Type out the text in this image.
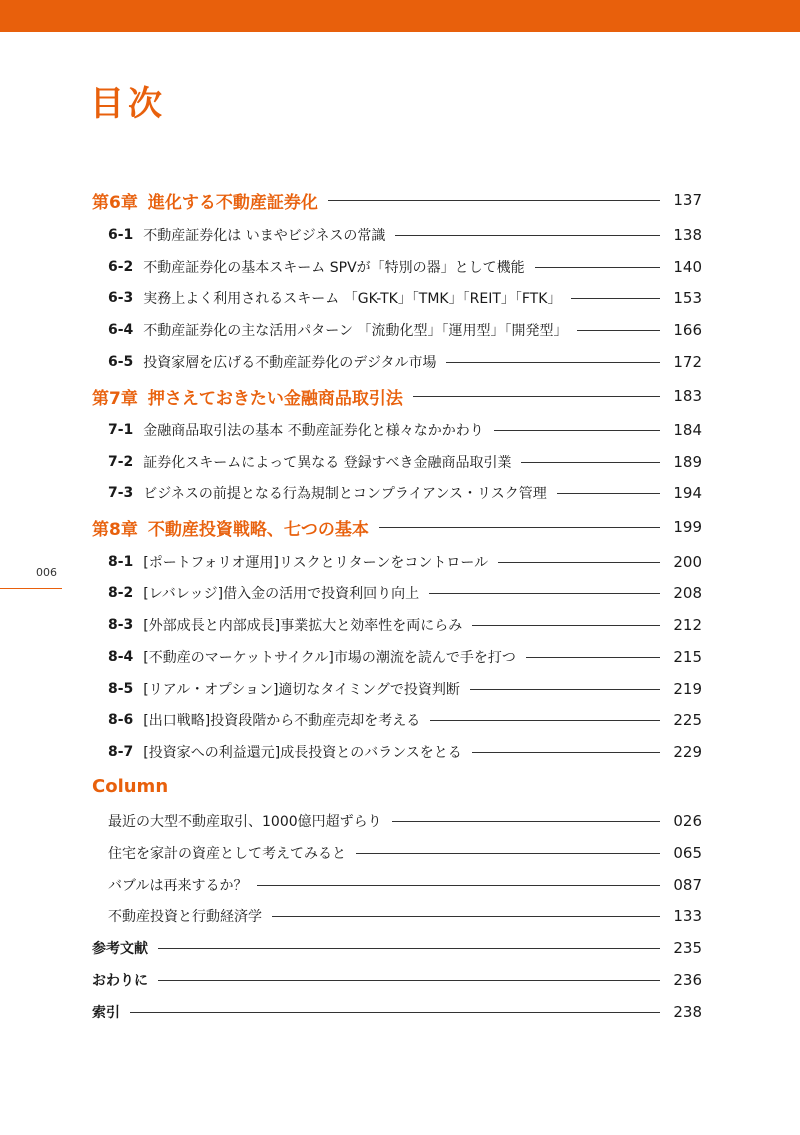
目次
006
第6章 進化する不動産証券化	137
6-1 不動産証券化は いまやビジネスの常識	138
6-2 不動産証券化の基本スキーム SPVが「特別の器」として機能	140
6-3 実務上よく利用されるスキーム 「GK-TK」「TMK」「REIT」「FTK」	153
6-4 不動産証券化の主な活用パターン 「流動化型」「運用型」「開発型」	166
6-5 投資家層を広げる不動産証券化のデジタル市場	172
第7章 押さえておきたい金融商品取引法	183
7-1 金融商品取引法の基本 不動産証券化と様々なかかわり	184
7-2 証券化スキームによって異なる 登録すべき金融商品取引業	189
7-3 ビジネスの前提となる行為規制とコンプライアンス・リスク管理	194
第8章 不動産投資戦略、七つの基本	199
8-1 [ポートフォリオ運用]リスクとリターンをコントロール	200
8-2 [レバレッジ]借入金の活用で投資利回り向上	208
8-3 [外部成長と内部成長]事業拡大と効率性を両にらみ	212
8-4 [不動産のマーケットサイクル]市場の潮流を読んで手を打つ	215
8-5 [リアル・オプション]適切なタイミングで投資判断	219
8-6 [出口戦略]投資段階から不動産売却を考える	225
8-7 [投資家への利益還元]成長投資とのバランスをとる	229
Column
最近の大型不動産取引、1000億円超ずらり	026
住宅を家計の資産として考えてみると	065
バブルは再来するか？	087
不動産投資と行動経済学	133
参考文献	235
おわりに	236
索引	238
